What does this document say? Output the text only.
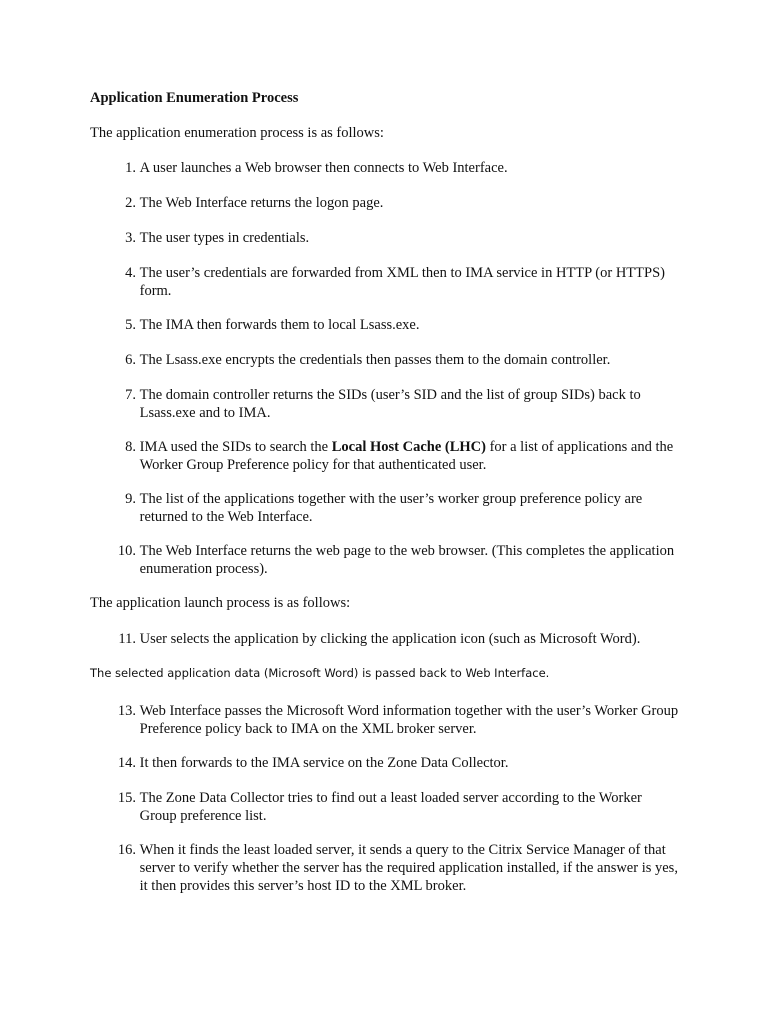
Application Enumeration Process
The application enumeration process is as follows:
1. A user launches a Web browser then connects to Web Interface.
2. The Web Interface returns the logon page.
3. The user types in credentials.
4. The user’s credentials are forwarded from XML then to IMA service in HTTP (or HTTPS) form.
5. The IMA then forwards them to local Lsass.exe.
6. The Lsass.exe encrypts the credentials then passes them to the domain controller.
7. The domain controller returns the SIDs (user’s SID and the list of group SIDs) back to Lsass.exe and to IMA.
8. IMA used the SIDs to search the Local Host Cache (LHC) for a list of applications and the Worker Group Preference policy for that authenticated user.
9. The list of the applications together with the user’s worker group preference policy are returned to the Web Interface.
10. The Web Interface returns the web page to the web browser. (This completes the application enumeration process).
The application launch process is as follows:
11. User selects the application by clicking the application icon (such as Microsoft Word).
The selected application data (Microsoft Word) is passed back to Web Interface.
13. Web Interface passes the Microsoft Word information together with the user’s Worker Group Preference policy back to IMA on the XML broker server.
14. It then forwards to the IMA service on the Zone Data Collector.
15. The Zone Data Collector tries to find out a least loaded server according to the Worker Group preference list.
16. When it finds the least loaded server, it sends a query to the Citrix Service Manager of that server to verify whether the server has the required application installed, if the answer is yes, it then provides this server’s host ID to the XML broker.
